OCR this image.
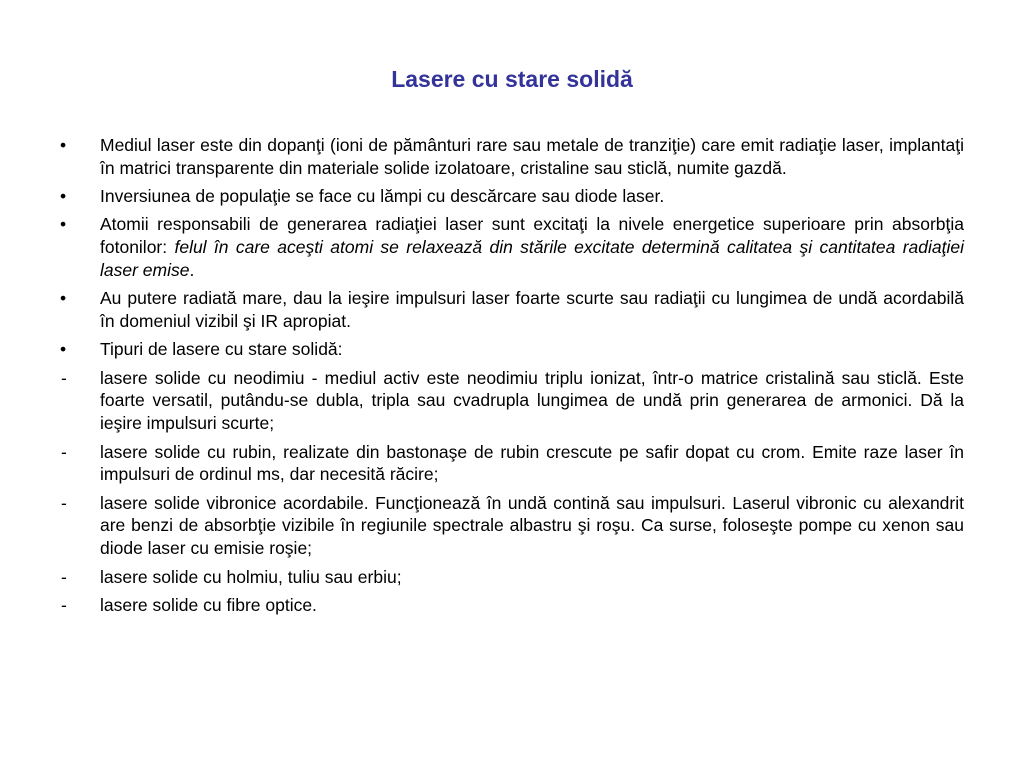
Lasere cu stare solidă
•	Mediul laser este din dopanţi (ioni de pământuri rare sau metale de tranziţie) care emit radiaţie laser, implantaţi în matrici transparente din materiale solide izolatoare, cristaline sau sticlă, numite gazdă.
•	Inversiunea de populaţie se face cu lămpi cu descărcare sau diode laser.
•	Atomii responsabili de generarea radiaţiei laser sunt excitaţi la nivele energetice superioare prin absorbţia fotonilor: felul în care aceşti atomi se relaxează din stările excitate determină calitatea şi cantitatea radiaţiei laser emise.
•	Au putere radiată mare, dau la ieşire impulsuri laser foarte scurte sau radiaţii cu lungimea de undă acordabilă în domeniul vizibil şi IR apropiat.
•	Tipuri de lasere cu stare solidă:
-	lasere solide cu neodimiu - mediul activ este neodimiu triplu ionizat, într-o matrice cristalină sau sticlă. Este foarte versatil, putându-se dubla, tripla sau cvadrupla lungimea de undă prin generarea de armonici. Dă la ieşire impulsuri scurte;
-	lasere solide cu rubin, realizate din bastonaşe de rubin crescute pe safir dopat cu crom. Emite raze laser în impulsuri de ordinul ms, dar necesită răcire;
-	lasere solide vibronice acordabile. Funcţionează în undă contină sau impulsuri. Laserul vibronic cu alexandrit are benzi de absorbţie vizibile în regiunile spectrale albastru şi roşu. Ca surse, foloseşte pompe cu xenon sau diode laser cu emisie roşie;
-	lasere solide cu holmiu, tuliu sau erbiu;
-	lasere solide cu fibre optice.
